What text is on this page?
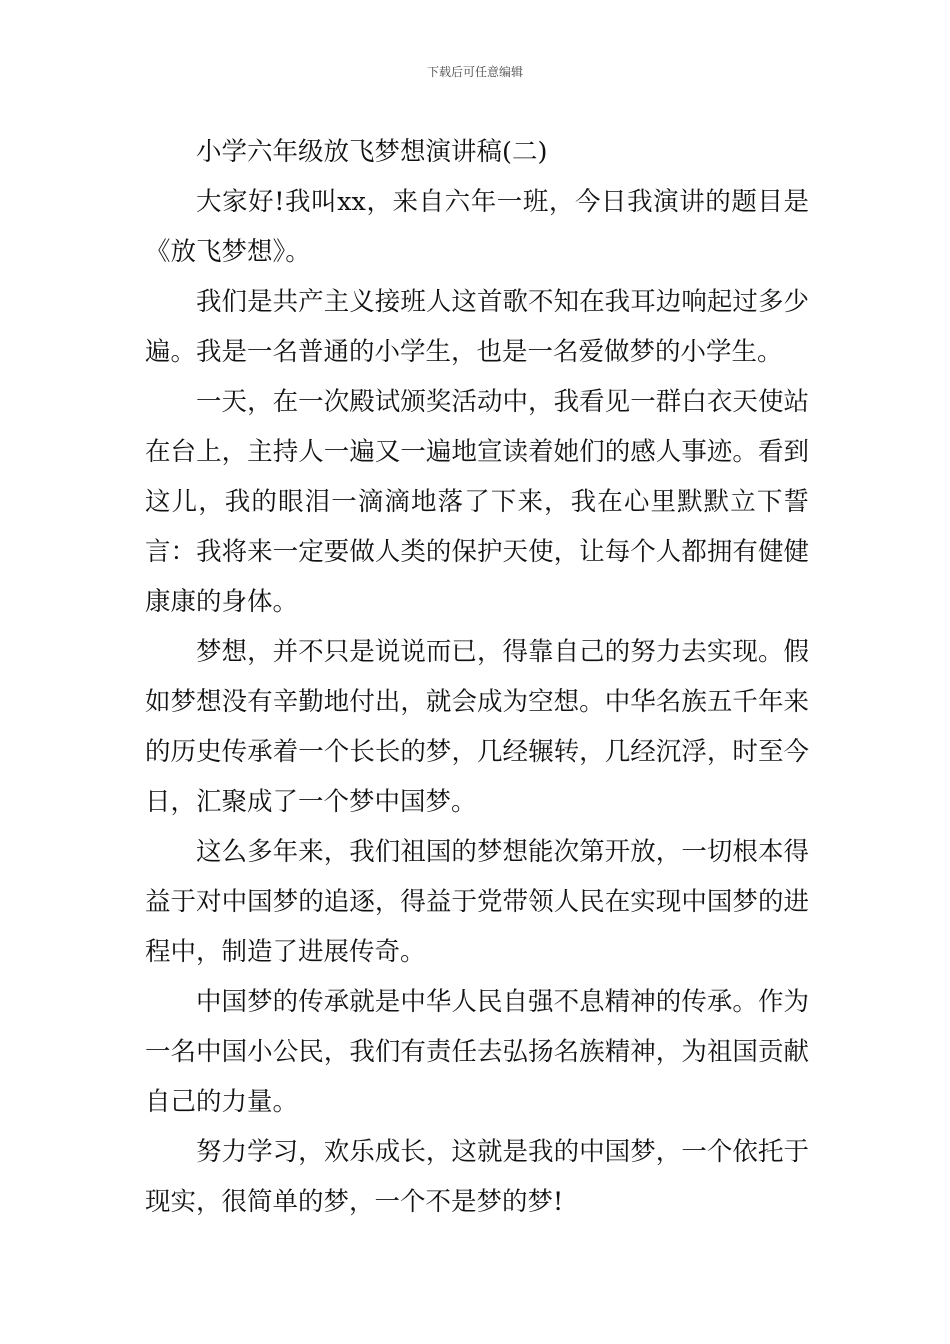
下载后可任意编辑

小学六年级放飞梦想演讲稿(二)

大家好!我叫xx，来自六年一班，今日我演讲的题目是《放飞梦想》。

我们是共产主义接班人这首歌不知在我耳边响起过多少遍。我是一名普通的小学生，也是一名爱做梦的小学生。

一天，在一次殿试颁奖活动中，我看见一群白衣天使站在台上，主持人一遍又一遍地宣读着她们的感人事迹。看到这儿，我的眼泪一滴滴地落了下来，我在心里默默立下誓言：我将来一定要做人类的保护天使，让每个人都拥有健健康康的身体。

梦想，并不只是说说而已，得靠自己的努力去实现。假如梦想没有辛勤地付出，就会成为空想。中华名族五千年来的历史传承着一个长长的梦，几经辗转，几经沉浮，时至今日，汇聚成了一个梦中国梦。

这么多年来，我们祖国的梦想能次第开放，一切根本得益于对中国梦的追逐，得益于党带领人民在实现中国梦的进程中，制造了进展传奇。

中国梦的传承就是中华人民自强不息精神的传承。作为一名中国小公民，我们有责任去弘扬名族精神，为祖国贡献自己的力量。

努力学习，欢乐成长，这就是我的中国梦，一个依托于现实，很简单的梦，一个不是梦的梦!
